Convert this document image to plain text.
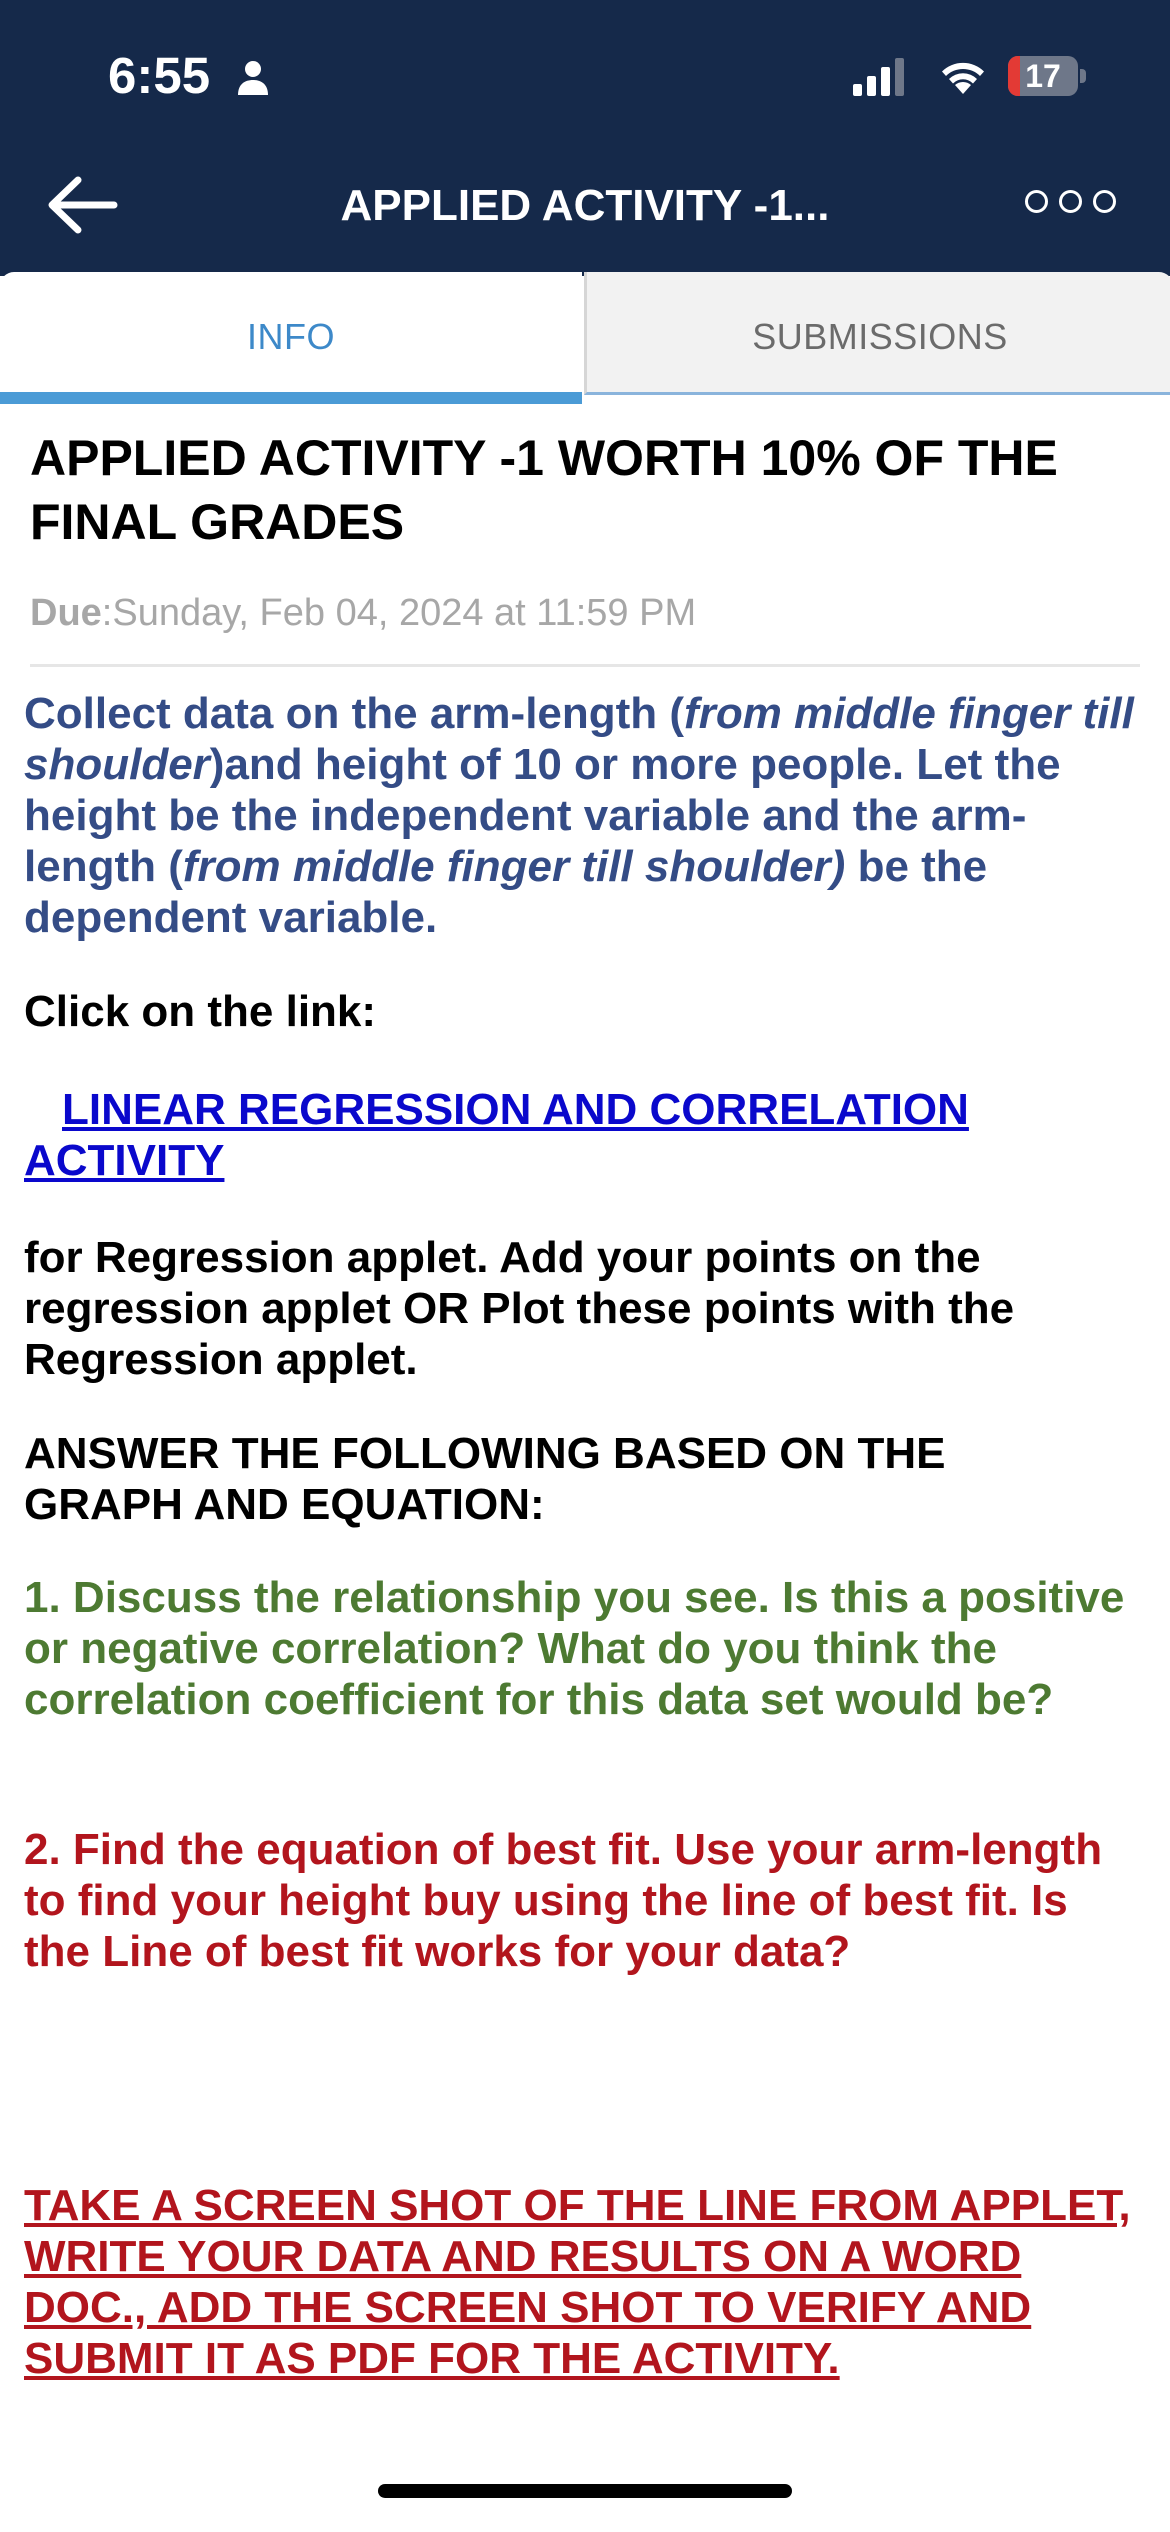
6:55	17
APPLIED ACTIVITY -1...
INFO	SUBMISSIONS
APPLIED ACTIVITY -1 WORTH 10% OF THE FINAL GRADES
Due:Sunday, Feb 04, 2024 at 11:59 PM

Collect data on the arm-length (from middle finger till shoulder)and height of 10 or more people. Let the height be the independent variable and the arm-length (from middle finger till shoulder) be the dependent variable.

Click on the link:

LINEAR REGRESSION AND CORRELATION ACTIVITY

for Regression applet. Add your points on the regression applet OR Plot these points with the Regression applet.

ANSWER THE FOLLOWING BASED ON THE GRAPH AND EQUATION:

1. Discuss the relationship you see. Is this a positive or negative correlation? What do you think the correlation coefficient for this data set would be?

2. Find the equation of best fit. Use your arm-length to find your height buy using the line of best fit. Is the Line of best fit works for your data?

TAKE A SCREEN SHOT OF THE LINE FROM APPLET, WRITE YOUR DATA AND RESULTS ON A WORD DOC., ADD THE SCREEN SHOT TO VERIFY AND SUBMIT IT AS PDF FOR THE ACTIVITY.
